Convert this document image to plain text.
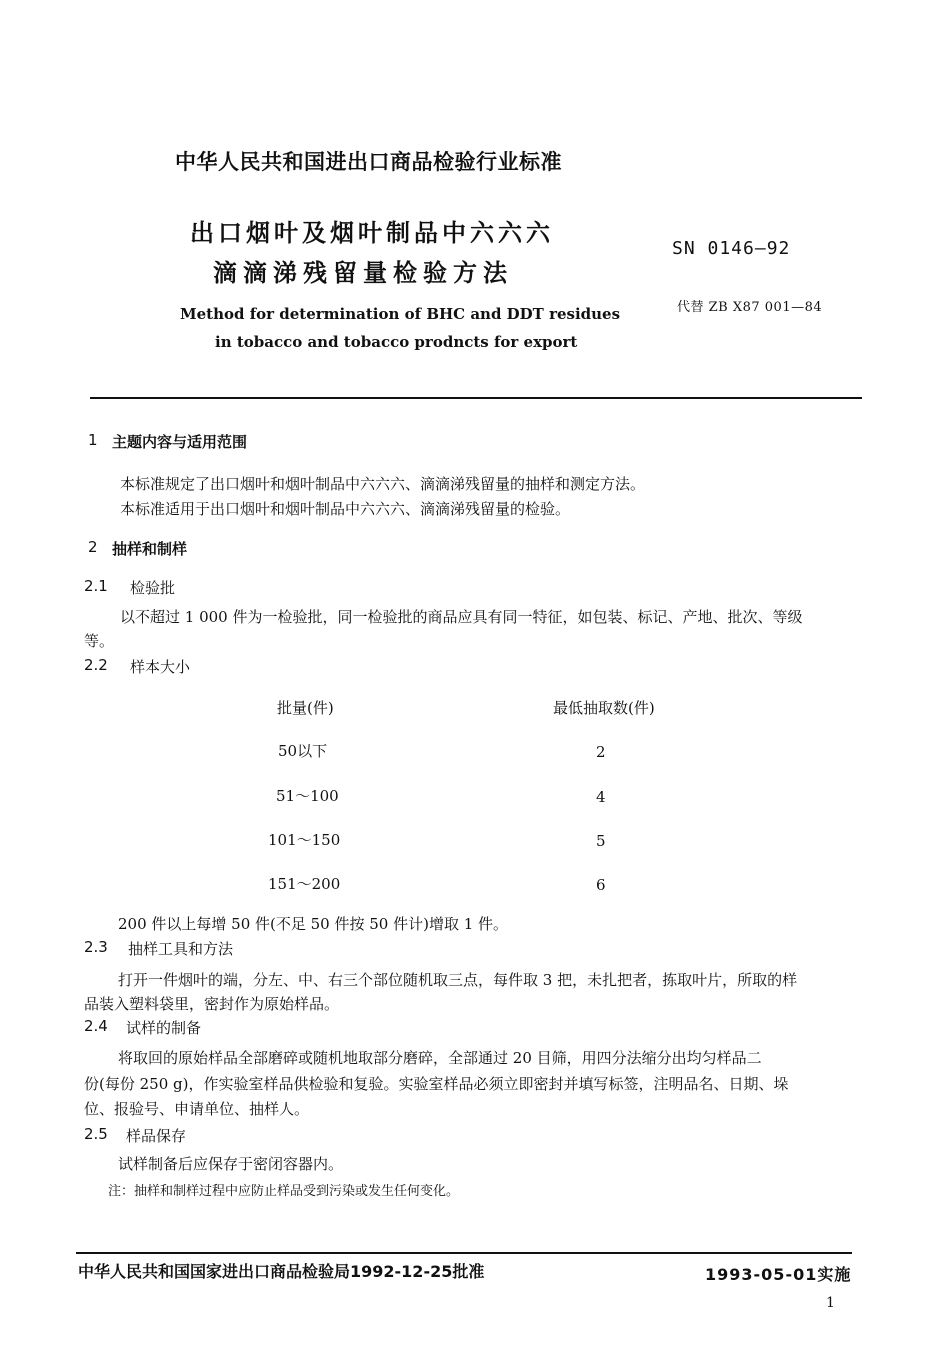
中华人民共和国进出口商品检验行业标准
出口烟叶及烟叶制品中六六六
滴滴涕残留量检验方法
Method for determination of BHC and DDT residues
in tobacco and tobacco prodncts for export
SN 0146—92
代替 ZB X87 001—84
1 主题内容与适用范围
本标准规定了出口烟叶和烟叶制品中六六六、滴滴涕残留量的抽样和测定方法。
本标准适用于出口烟叶和烟叶制品中六六六、滴滴涕残留量的检验。
2 抽样和制样
2.1 检验批
以不超过 1 000 件为一检验批，同一检验批的商品应具有同一特征，如包装、标记、产地、批次、等级
等。
2.2 样本大小
批量(件)	最低抽取数(件)
50以下	2
51～100	4
101～150	5
151～200	6
200 件以上每增 50 件(不足 50 件按 50 件计)增取 1 件。
2.3 抽样工具和方法
打开一件烟叶的端，分左、中、右三个部位随机取三点，每件取 3 把，未扎把者，拣取叶片，所取的样
品装入塑料袋里，密封作为原始样品。
2.4 试样的制备
将取回的原始样品全部磨碎或随机地取部分磨碎，全部通过 20 目筛，用四分法缩分出均匀样品二
份(每份 250 g)，作实验室样品供检验和复验。实验室样品必须立即密封并填写标签，注明品名、日期、垛
位、报验号、申请单位、抽样人。
2.5 样品保存
试样制备后应保存于密闭容器内。
注：抽样和制样过程中应防止样品受到污染或发生任何变化。
中华人民共和国国家进出口商品检验局1992-12-25批准	1993-05-01实施
1
